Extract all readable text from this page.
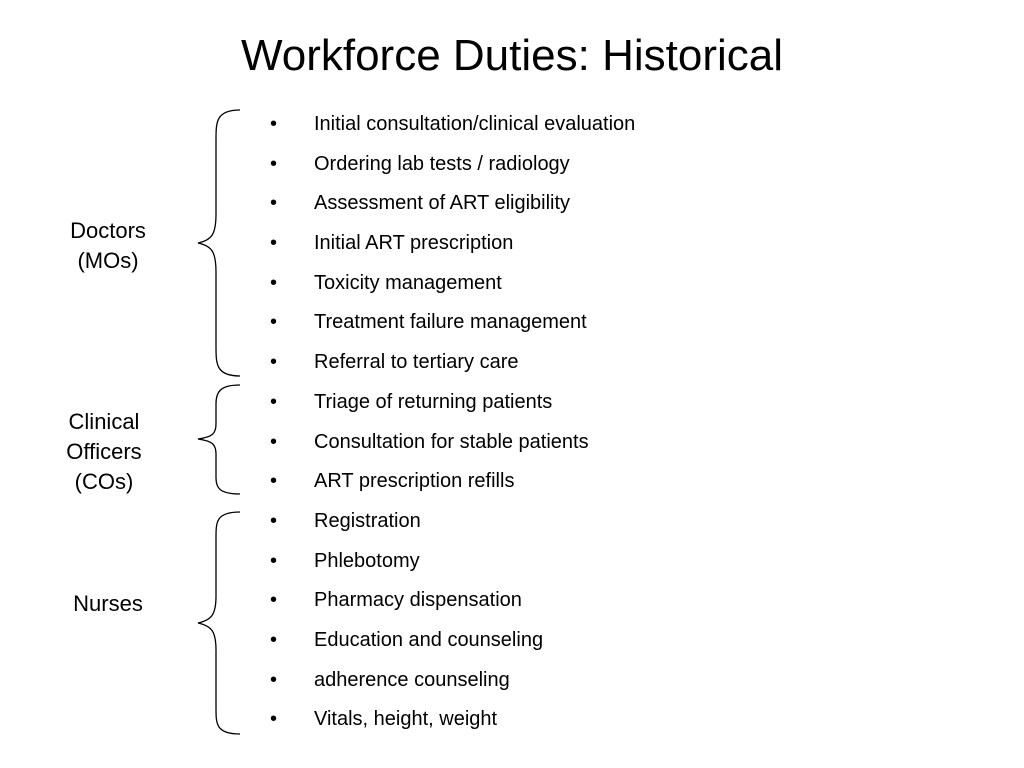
Workforce Duties: Historical
Doctors
(MOs)
Clinical
Officers
(COs)
Nurses
•	Initial consultation/clinical evaluation
•	Ordering lab tests / radiology
•	Assessment of ART eligibility
•	Initial ART prescription
•	Toxicity management
•	Treatment failure management
•	Referral to tertiary care
•	Triage of returning patients
•	Consultation for stable patients
•	ART prescription refills
•	Registration
•	Phlebotomy
•	Pharmacy dispensation
•	Education and counseling
•	adherence counseling
•	Vitals, height, weight
